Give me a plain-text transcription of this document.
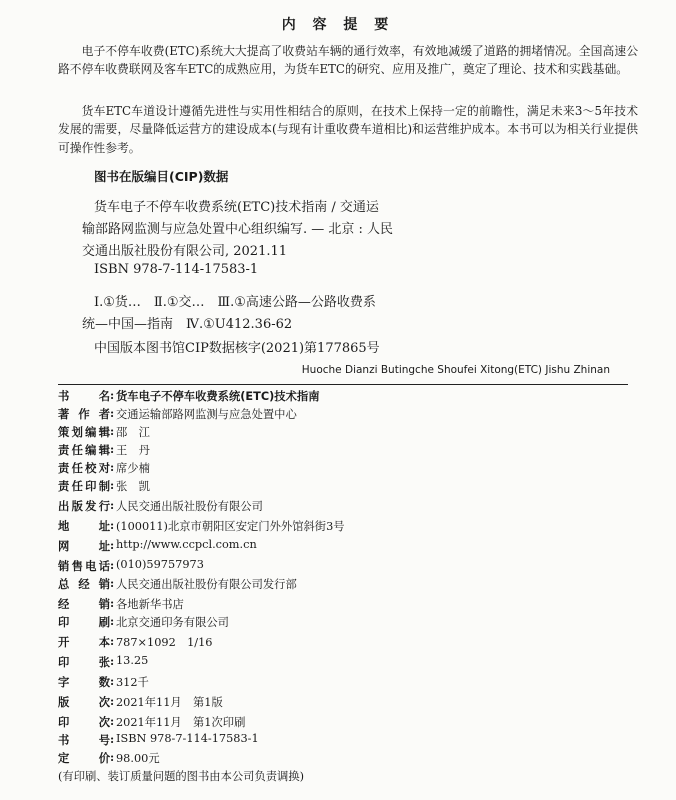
内 容 提 要

电子不停车收费(ETC)系统大大提高了收费站车辆的通行效率，有效地减缓了道路的拥堵情况。全国高速公路不停车收费联网及客车ETC的成熟应用，为货车ETC的研究、应用及推广，奠定了理论、技术和实践基础。

货车ETC车道设计遵循先进性与实用性相结合的原则，在技术上保持一定的前瞻性，满足未来3～5年技术发展的需要，尽量降低运营方的建设成本(与现有计重收费车道相比)和运营维护成本。本书可以为相关行业提供可操作性参考。

图书在版编目(CIP)数据
货车电子不停车收费系统(ETC)技术指南 / 交通运
输部路网监测与应急处置中心组织编写. — 北京 : 人民
交通出版社股份有限公司, 2021.11
ISBN 978-7-114-17583-1
Ⅰ.①货…　Ⅱ.①交…　Ⅲ.①高速公路—公路收费系
统—中国—指南　Ⅳ.①U412.36-62
中国版本图书馆CIP数据核字(2021)第177865号
Huoche Dianzi Butingche Shoufei Xitong(ETC) Jishu Zhinan
书名 : 货车电子不停车收费系统(ETC)技术指南
著作者 : 交通运输部路网监测与应急处置中心
策划编辑 : 邵　江
责任编辑 : 王　丹
责任校对 : 席少楠
责任印制 : 张　凯
出版发行 : 人民交通出版社股份有限公司
地址 : (100011)北京市朝阳区安定门外外馆斜街3号
网址 : http://www.ccpcl.com.cn
销售电话 : (010)59757973
总经销 : 人民交通出版社股份有限公司发行部
经销 : 各地新华书店
印刷 : 北京交通印务有限公司
开本 : 787×1092　1/16
印张 : 13.25
字数 : 312千
版次 : 2021年11月　第1版
印次 : 2021年11月　第1次印刷
书号 : ISBN 978-7-114-17583-1
定价 : 98.00元
(有印刷、装订质量问题的图书由本公司负责调换)
